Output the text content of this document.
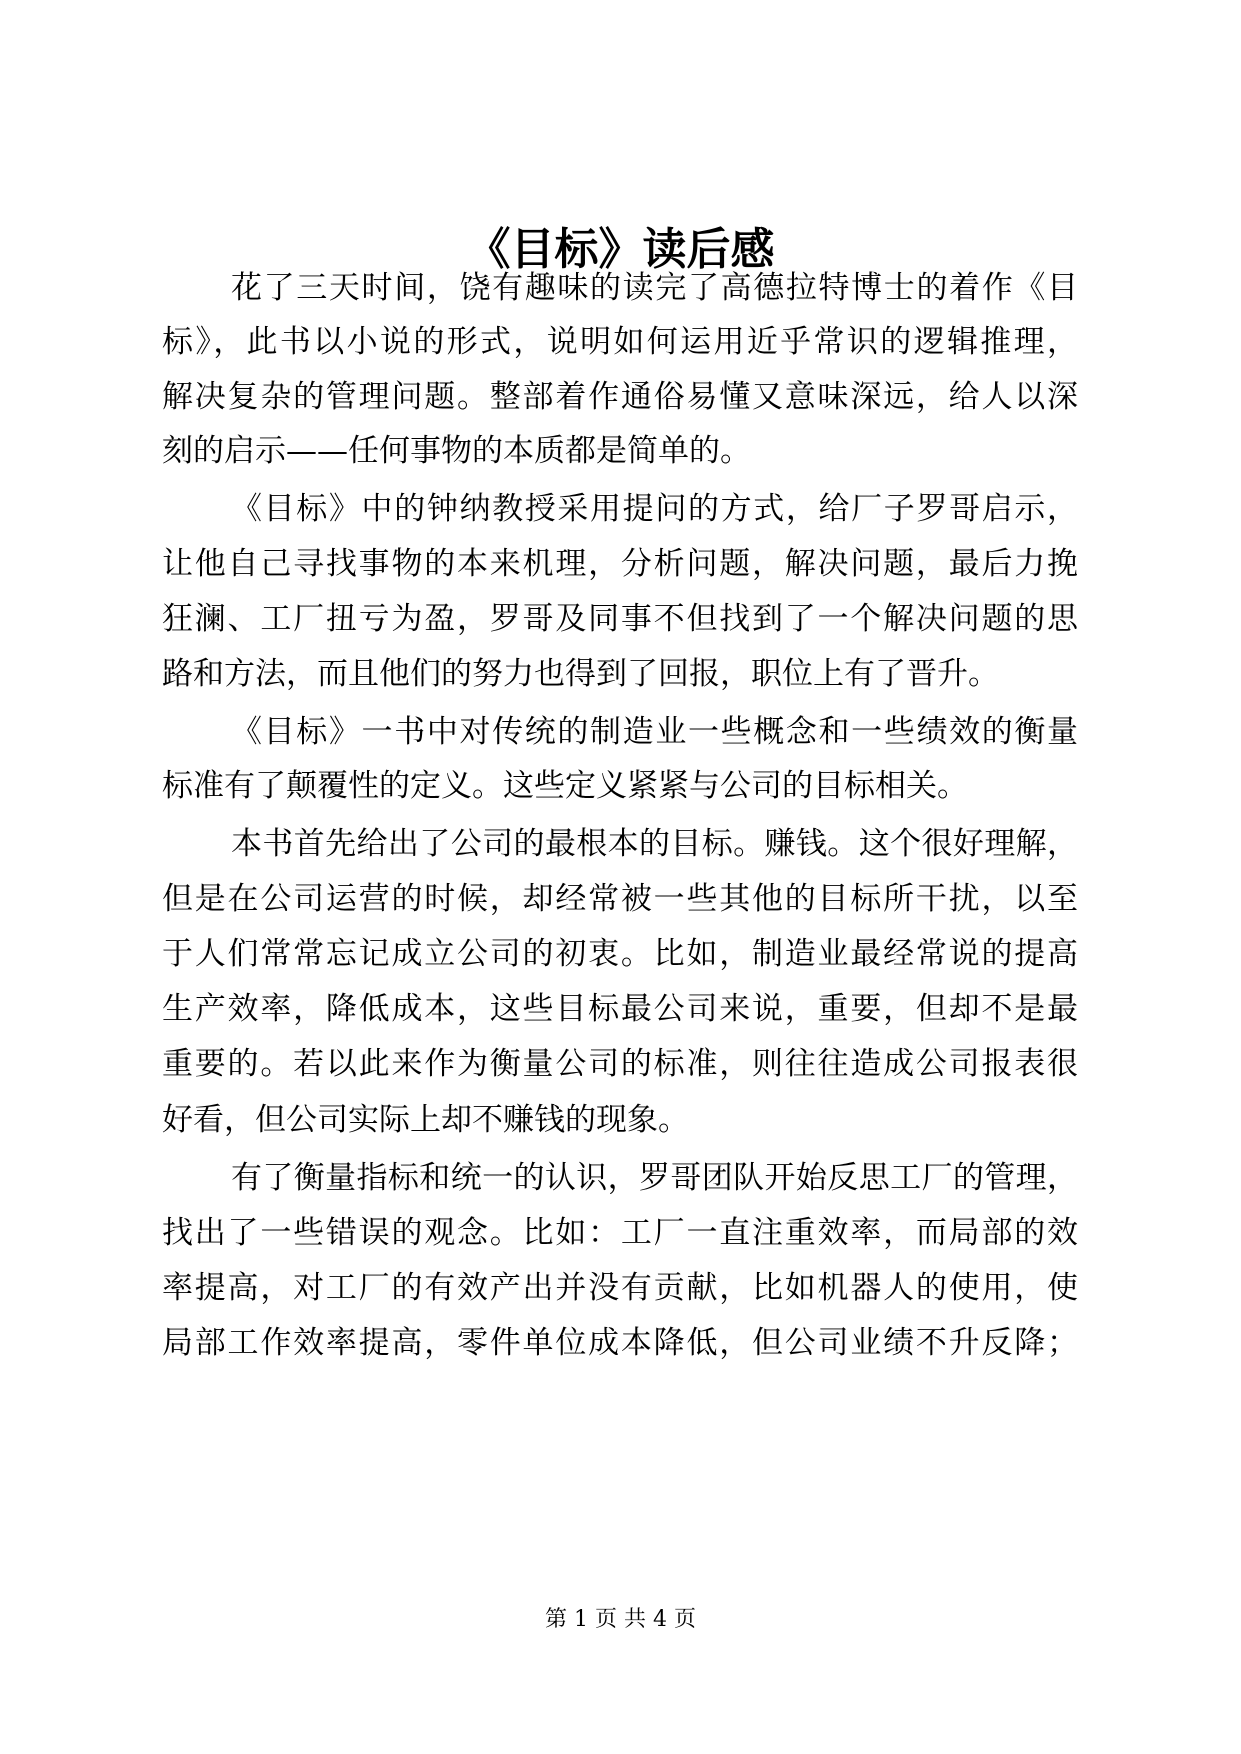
《目标》读后感
花了三天时间，饶有趣味的读完了高德拉特博士的着作《目
标》，此书以小说的形式，说明如何运用近乎常识的逻辑推理，
解决复杂的管理问题。整部着作通俗易懂又意味深远，给人以深
刻的启示——任何事物的本质都是简单的。
《目标》中的钟纳教授采用提问的方式，给厂子罗哥启示，
让他自己寻找事物的本来机理，分析问题，解决问题，最后力挽
狂澜、工厂扭亏为盈，罗哥及同事不但找到了一个解决问题的思
路和方法，而且他们的努力也得到了回报，职位上有了晋升。
《目标》一书中对传统的制造业一些概念和一些绩效的衡量
标准有了颠覆性的定义。这些定义紧紧与公司的目标相关。
本书首先给出了公司的最根本的目标。赚钱。这个很好理解，
但是在公司运营的时候，却经常被一些其他的目标所干扰，以至
于人们常常忘记成立公司的初衷。比如，制造业最经常说的提高
生产效率，降低成本，这些目标最公司来说，重要，但却不是最
重要的。若以此来作为衡量公司的标准，则往往造成公司报表很
好看，但公司实际上却不赚钱的现象。
有了衡量指标和统一的认识，罗哥团队开始反思工厂的管理，
找出了一些错误的观念。比如：工厂一直注重效率，而局部的效
率提高，对工厂的有效产出并没有贡献，比如机器人的使用，使
局部工作效率提高，零件单位成本降低，但公司业绩不升反降；
第 1 页 共 4 页
